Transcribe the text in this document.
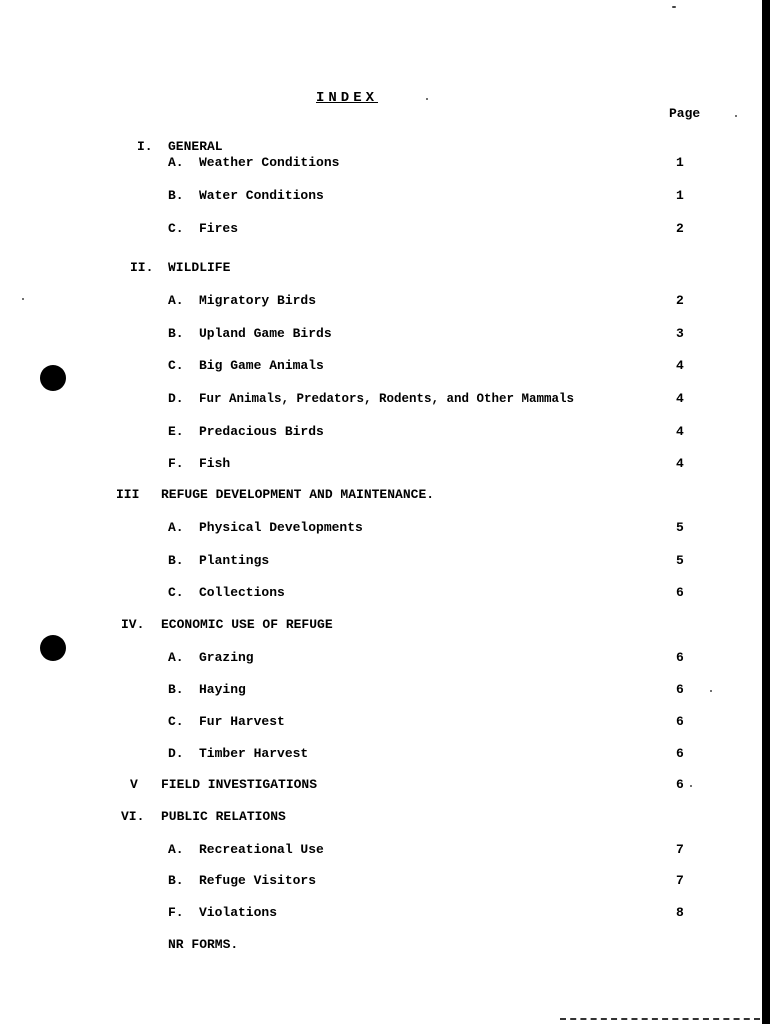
INDEX
Page
I. GENERAL
A. Weather Conditions	1
B. Water Conditions	1
C. Fires	2
II. WILDLIFE
A. Migratory Birds	2
B. Upland Game Birds	3
C. Big Game Animals	4
D. Fur Animals, Predators, Rodents, and Other Mammals	4
E. Predacious Birds	4
F. Fish	4
III REFUGE DEVELOPMENT AND MAINTENANCE.
A. Physical Developments	5
B. Plantings	5
C. Collections	6
IV. ECONOMIC USE OF REFUGE
A. Grazing	6
B. Haying	6
C. Fur Harvest	6
D. Timber Harvest	6
V FIELD INVESTIGATIONS	6
VI. PUBLIC RELATIONS
A. Recreational Use	7
B. Refuge Visitors	7
F. Violations	8
NR FORMS.
